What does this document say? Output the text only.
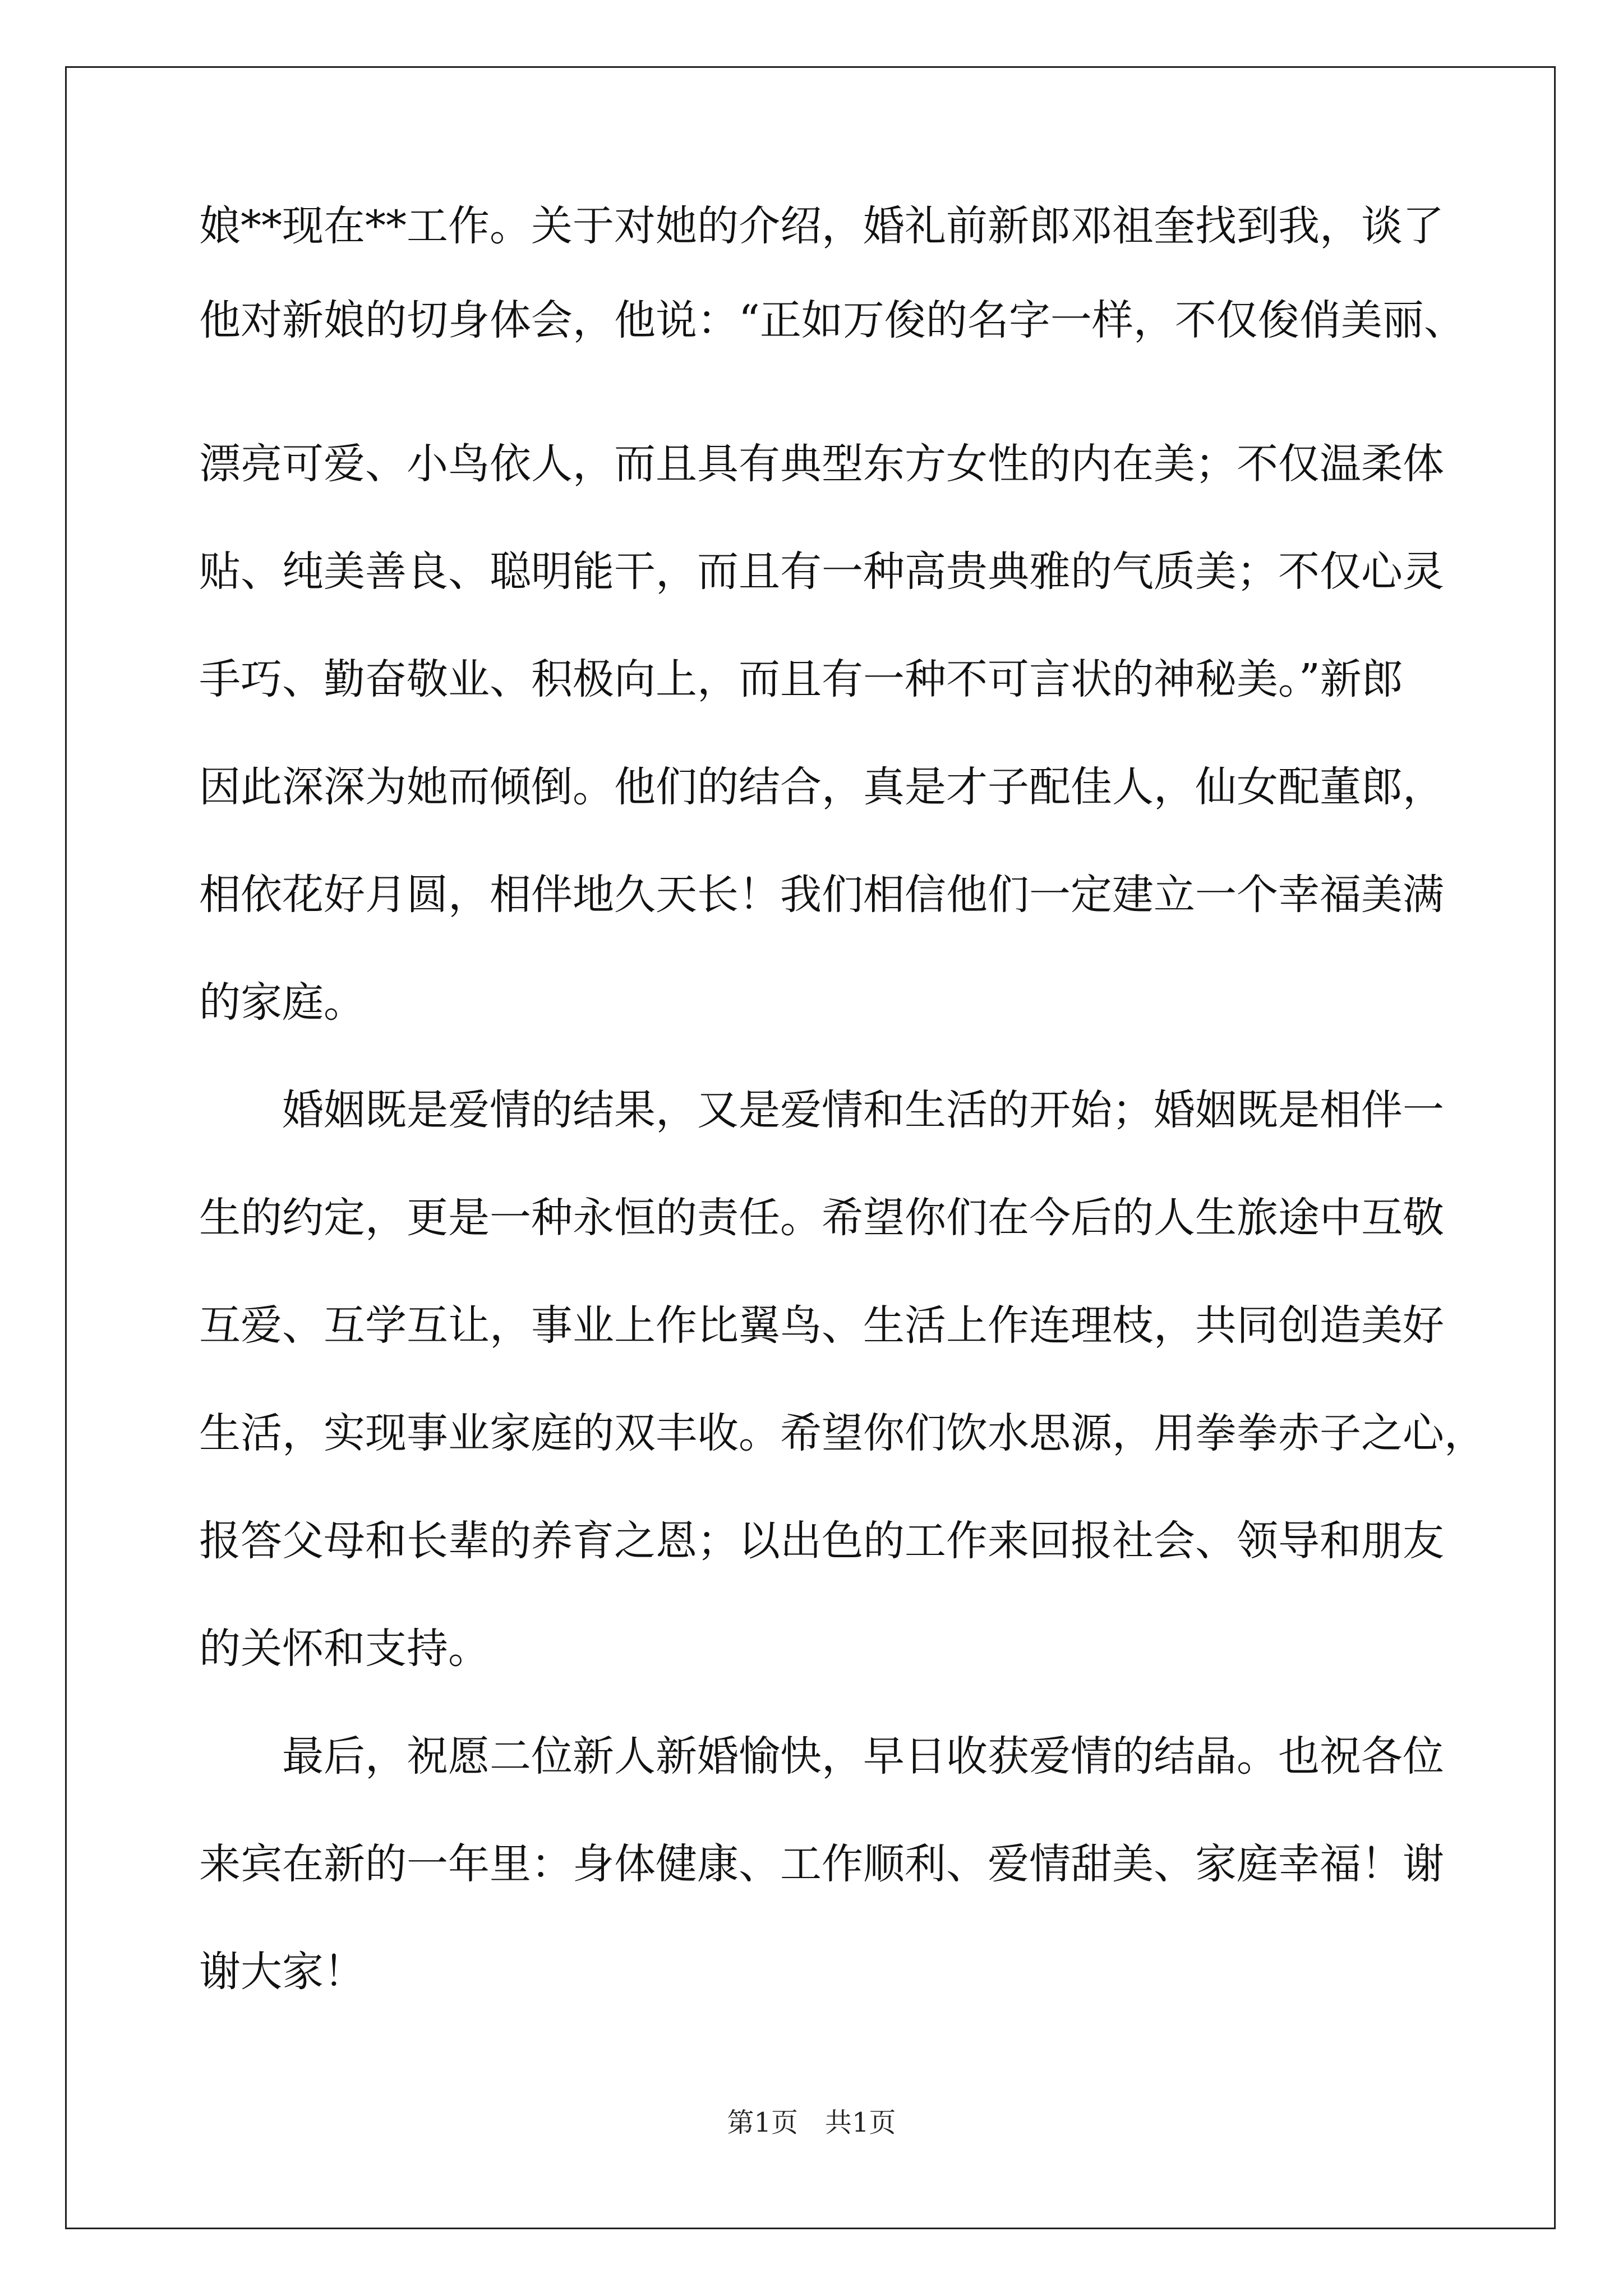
娘**现在**工作。关于对她的介绍，婚礼前新郎邓祖奎找到我，谈了
他对新娘的切身体会，他说：“正如万俊的名字一样，不仅俊俏美丽、
漂亮可爱、小鸟依人，而且具有典型东方女性的内在美；不仅温柔体
贴、纯美善良、聪明能干，而且有一种高贵典雅的气质美；不仅心灵
手巧、勤奋敬业、积极向上，而且有一种不可言状的神秘美。”新郎
因此深深为她而倾倒。他们的结合，真是才子配佳人，仙女配董郎，
相依花好月圆，相伴地久天长！我们相信他们一定建立一个幸福美满
的家庭。
　　婚姻既是爱情的结果，又是爱情和生活的开始；婚姻既是相伴一
生的约定，更是一种永恒的责任。希望你们在今后的人生旅途中互敬
互爱、互学互让，事业上作比翼鸟、生活上作连理枝，共同创造美好
生活，实现事业家庭的双丰收。希望你们饮水思源，用拳拳赤子之心，
报答父母和长辈的养育之恩；以出色的工作来回报社会、领导和朋友
的关怀和支持。
　　最后，祝愿二位新人新婚愉快，早日收获爱情的结晶。也祝各位
来宾在新的一年里：身体健康、工作顺利、爱情甜美、家庭幸福！谢
谢大家！
第1页　共1页
